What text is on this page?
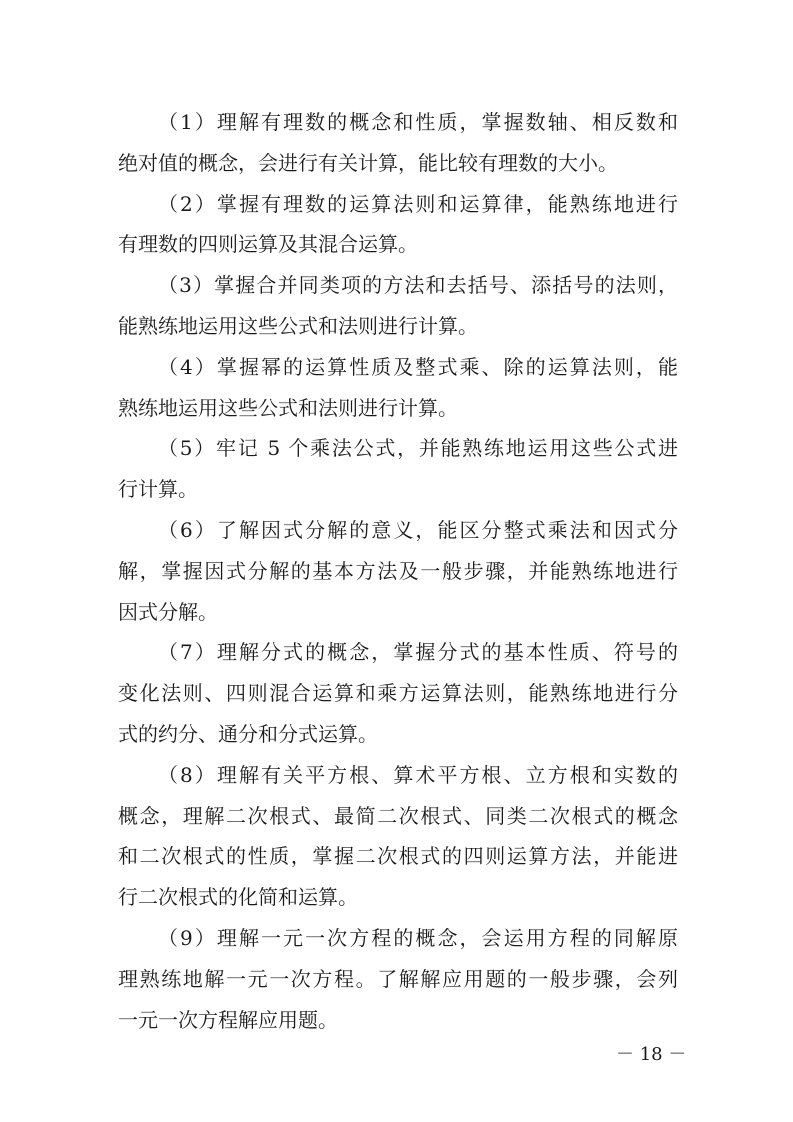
（1）理解有理数的概念和性质，掌握数轴、相反数和
绝对值的概念，会进行有关计算，能比较有理数的大小。
（2）掌握有理数的运算法则和运算律，能熟练地进行
有理数的四则运算及其混合运算。
（3）掌握合并同类项的方法和去括号、添括号的法则，
能熟练地运用这些公式和法则进行计算。
（4）掌握幂的运算性质及整式乘、除的运算法则，能
熟练地运用这些公式和法则进行计算。
（5）牢记 5 个乘法公式，并能熟练地运用这些公式进
行计算。
（6）了解因式分解的意义，能区分整式乘法和因式分
解，掌握因式分解的基本方法及一般步骤，并能熟练地进行
因式分解。
（7）理解分式的概念，掌握分式的基本性质、符号的
变化法则、四则混合运算和乘方运算法则，能熟练地进行分
式的约分、通分和分式运算。
（8）理解有关平方根、算术平方根、立方根和实数的
概念，理解二次根式、最简二次根式、同类二次根式的概念
和二次根式的性质，掌握二次根式的四则运算方法，并能进
行二次根式的化简和运算。
（9）理解一元一次方程的概念，会运用方程的同解原
理熟练地解一元一次方程。了解解应用题的一般步骤，会列
一元一次方程解应用题。
－ 18 －
